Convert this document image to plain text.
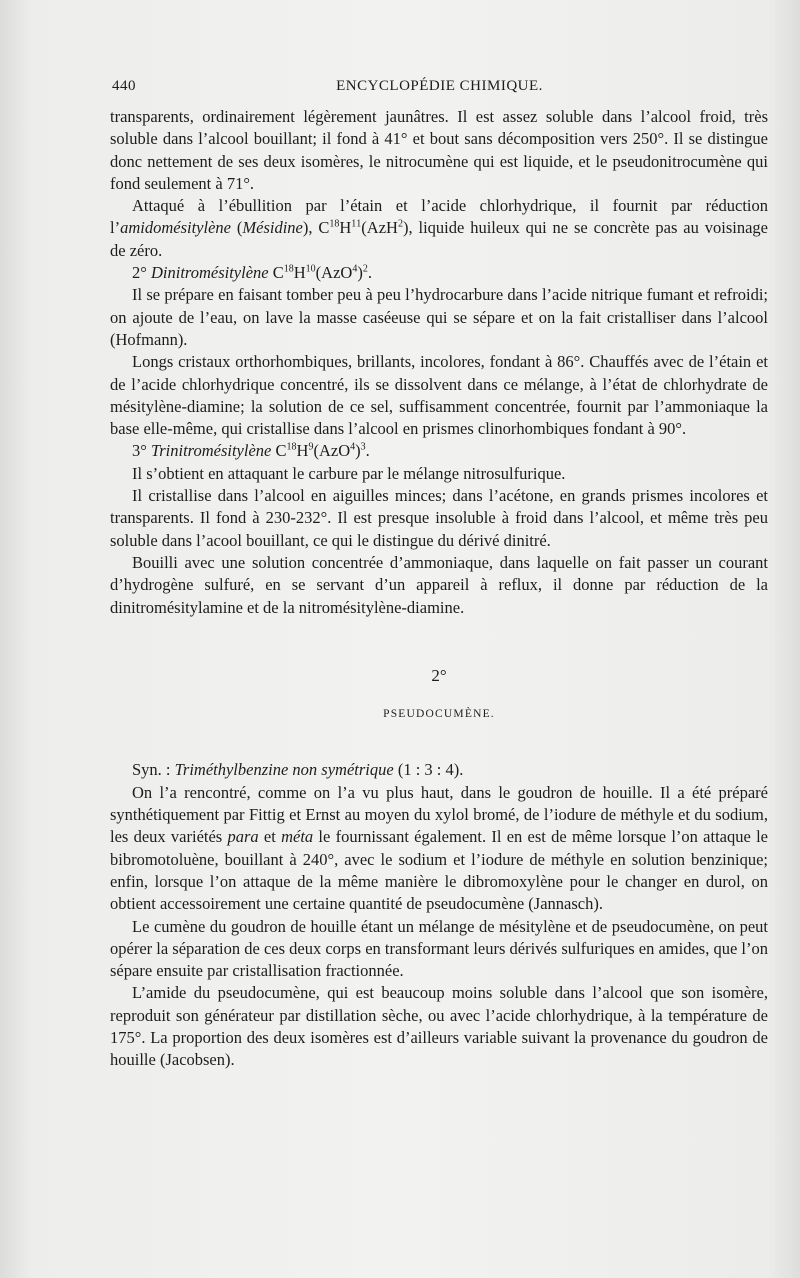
440	ENCYCLOPÉDIE CHIMIQUE.

transparents, ordinairement légèrement jaunâtres. Il est assez soluble dans l’alcool froid, très soluble dans l’alcool bouillant; il fond à 41° et bout sans décomposition vers 250°. Il se distingue donc nettement de ses deux isomères, le nitrocumène qui est liquide, et le pseudonitrocumène qui fond seulement à 71°.

Attaqué à l’ébullition par l’étain et l’acide chlorhydrique, il fournit par réduction l’amidomésitylène (Mésidine), $C^{18}H^{11}(AzH^2)$, liquide huileux qui ne se concrète pas au voisinage de zéro.

2° Dinitromésitylène $C^{18}H^{10}(AzO^4)^2$.

Il se prépare en faisant tomber peu à peu l’hydrocarbure dans l’acide nitrique fumant et refroidi; on ajoute de l’eau, on lave la masse caséeuse qui se sépare et on la fait cristalliser dans l’alcool (Hofmann).

Longs cristaux orthorhombiques, brillants, incolores, fondant à 86°. Chauffés avec de l’étain et de l’acide chlorhydrique concentré, ils se dissolvent dans ce mélange, à l’état de chlorhydrate de mésitylène-diamine; la solution de ce sel, suffisamment concentrée, fournit par l’ammoniaque la base elle-même, qui cristallise dans l’alcool en prismes clinorhombiques fondant à 90°.

3° Trinitromésitylène $C^{18}H^9(AzO^4)^3$.

Il s’obtient en attaquant le carbure par le mélange nitrosulfurique.

Il cristallise dans l’alcool en aiguilles minces; dans l’acétone, en grands prismes incolores et transparents. Il fond à 230-232°. Il est presque insoluble à froid dans l’alcool, et même très peu soluble dans l’acool bouillant, ce qui le distingue du dérivé dinitré.

Bouilli avec une solution concentrée d’ammoniaque, dans laquelle on fait passer un courant d’hydrogène sulfuré, en se servant d’un appareil à reflux, il donne par réduction de la dinitromésitylamine et de la nitromésitylène-diamine.

2°

PSEUDOCUMÈNE.

Syn. : Triméthylbenzine non symétrique (1 : 3 : 4).

On l’a rencontré, comme on l’a vu plus haut, dans le goudron de houille. Il a été préparé synthétiquement par Fittig et Ernst au moyen du xylol bromé, de l’iodure de méthyle et du sodium, les deux variétés para et méta le fournissant également. Il en est de même lorsque l’on attaque le bibromotoluène, bouillant à 240°, avec le sodium et l’iodure de méthyle en solution benzinique; enfin, lorsque l’on attaque de la même manière le dibromoxylène pour le changer en durol, on obtient accessoirement une certaine quantité de pseudocumène (Jannasch).

Le cumène du goudron de houille étant un mélange de mésitylène et de pseudocumène, on peut opérer la séparation de ces deux corps en transformant leurs dérivés sulfuriques en amides, que l’on sépare ensuite par cristallisation fractionnée.

L’amide du pseudocumène, qui est beaucoup moins soluble dans l’alcool que son isomère, reproduit son générateur par distillation sèche, ou avec l’acide chlorhydrique, à la température de 175°. La proportion des deux isomères est d’ailleurs variable suivant la provenance du goudron de houille (Jacobsen).
